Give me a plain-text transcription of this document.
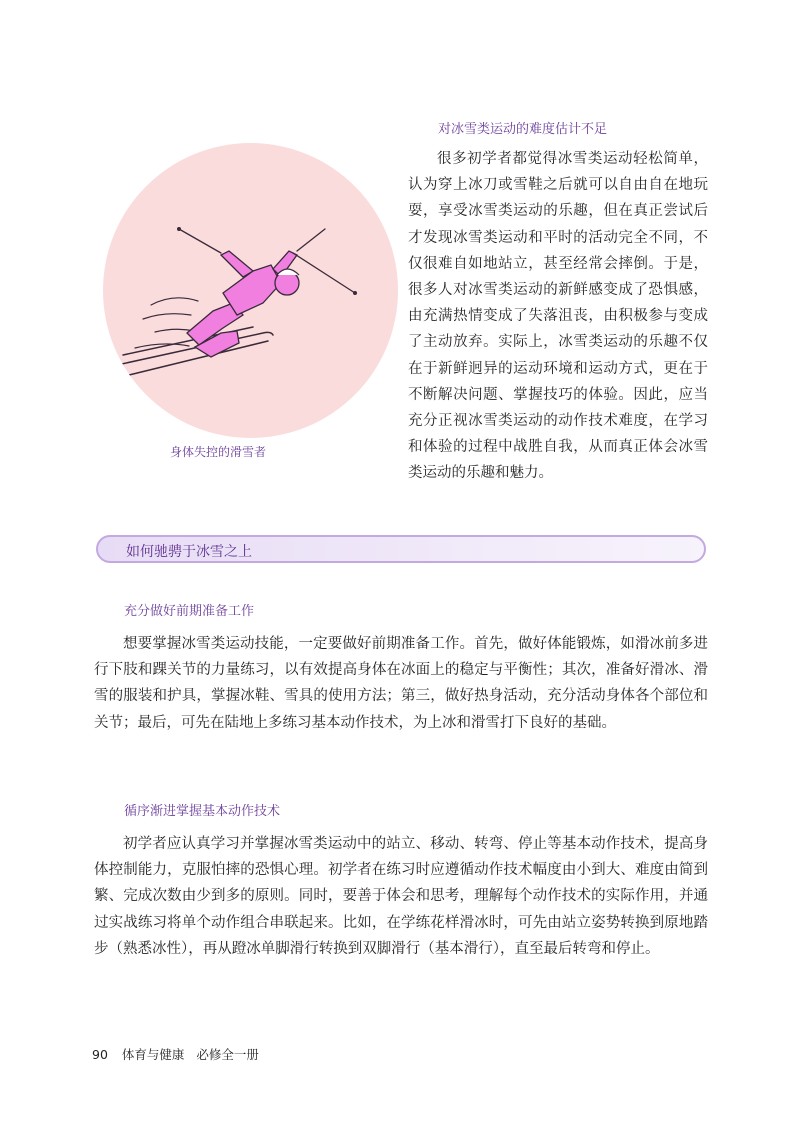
对冰雪类运动的难度估计不足
身体失控的滑雪者

很多初学者都觉得冰雪类运动轻松简单，认为穿上冰刀或雪鞋之后就可以自由自在地玩耍，享受冰雪类运动的乐趣，但在真正尝试后才发现冰雪类运动和平时的活动完全不同，不仅很难自如地站立，甚至经常会摔倒。于是，很多人对冰雪类运动的新鲜感变成了恐惧感，由充满热情变成了失落沮丧，由积极参与变成了主动放弃。实际上，冰雪类运动的乐趣不仅在于新鲜迥异的运动环境和运动方式，更在于不断解决问题、掌握技巧的体验。因此，应当充分正视冰雪类运动的动作技术难度，在学习和体验的过程中战胜自我，从而真正体会冰雪类运动的乐趣和魅力。

如何驰骋于冰雪之上
充分做好前期准备工作

想要掌握冰雪类运动技能，一定要做好前期准备工作。首先，做好体能锻炼，如滑冰前多进行下肢和踝关节的力量练习，以有效提高身体在冰面上的稳定与平衡性；其次，准备好滑冰、滑雪的服装和护具，掌握冰鞋、雪具的使用方法；第三，做好热身活动，充分活动身体各个部位和关节；最后，可先在陆地上多练习基本动作技术，为上冰和滑雪打下良好的基础。

循序渐进掌握基本动作技术

初学者应认真学习并掌握冰雪类运动中的站立、移动、转弯、停止等基本动作技术，提高身体控制能力，克服怕摔的恐惧心理。初学者在练习时应遵循动作技术幅度由小到大、难度由简到繁、完成次数由少到多的原则。同时，要善于体会和思考，理解每个动作技术的实际作用，并通过实战练习将单个动作组合串联起来。比如，在学练花样滑冰时，可先由站立姿势转换到原地踏步（熟悉冰性），再从蹬冰单脚滑行转换到双脚滑行（基本滑行），直至最后转弯和停止。

90 体育与健康 必修全一册
